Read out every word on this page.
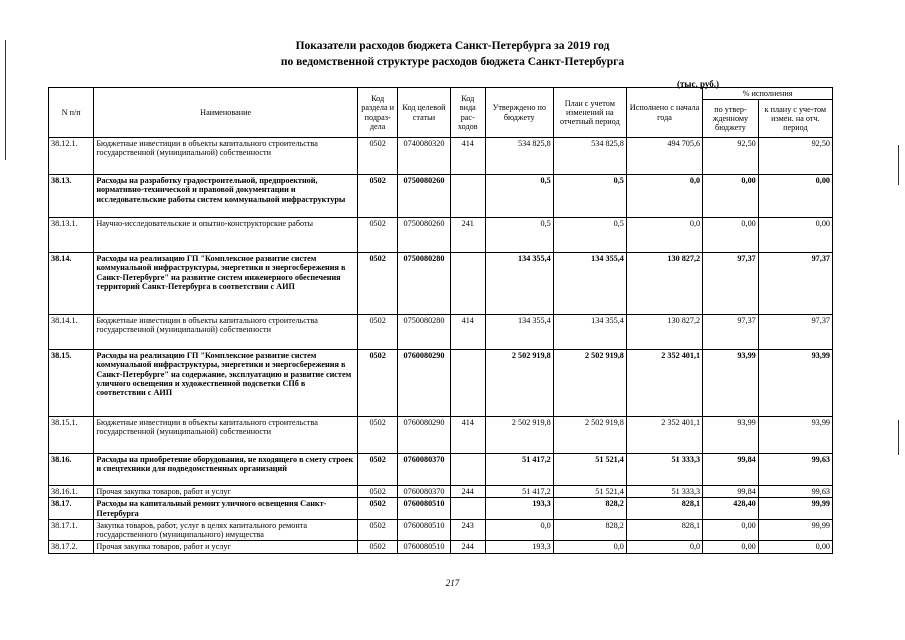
Показатели расходов бюджета Санкт-Петербурга за 2019 год
по ведомственной структуре расходов бюджета Санкт-Петербурга
(тыс. руб.)
N п/п	Наименование	Код раздела и подраз-дела	Код целевой статьи	Код вида рас-ходов	Утверждено по бюджету	План с учетом изменений на отчетный период	Исполнено с начала года	% исполнения	
								по утвер-жденному бюджету	к плану с уче-том измен. на отч. период
38.12.1.	Бюджетные инвестиции в объекты капитального строительства государственной (муниципальной) собственности	0502	0740080320	414	534 825,8	534 825,8	494 705,6	92,50	92,50
38.13.	Расходы на разработку градостроительной, предпроектной, нормативно-технической и правовой документации и исследовательские работы систем коммунальной инфраструктуры	0502	0750080260		0,5	0,5	0,0	0,00	0,00
38.13.1.	Научно-исследовательские и опытно-конструкторские работы	0502	0750080260	241	0,5	0,5	0,0	0,00	0,00
38.14.	Расходы на реализацию ГП "Комплексное развитие систем коммунальной инфраструктуры, энергетики и энергосбережения в Санкт-Петербурге" на развитие систем инженерного обеспечения территорий Санкт-Петербурга в соответствии с АИП	0502	0750080280		134 355,4	134 355,4	130 827,2	97,37	97,37
38.14.1.	Бюджетные инвестиции в объекты капитального строительства государственной (муниципальной) собственности	0502	0750080280	414	134 355,4	134 355,4	130 827,2	97,37	97,37
38.15.	Расходы на реализацию ГП "Комплексное развитие систем коммунальной инфраструктуры, энергетики и энергосбережения в Санкт-Петербурге" на содержание, эксплуатацию и развитие систем уличного освещения и художественной подсветки СПб в соответствии с АИП	0502	0760080290		2 502 919,8	2 502 919,8	2 352 401,1	93,99	93,99
38.15.1.	Бюджетные инвестиции в объекты капитального строительства государственной (муниципальной) собственности	0502	0760080290	414	2 502 919,8	2 502 919,8	2 352 401,1	93,99	93,99
38.16.	Расходы на приобретение оборудования, не входящего в смету строек и спецтехники для подведомственных организаций	0502	0760080370		51 417,2	51 521,4	51 333,3	99,84	99,63
38.16.1.	Прочая закупка товаров, работ и услуг	0502	0760080370	244	51 417,2	51 521,4	51 333,3	99,84	99,63
38.17.	Расходы на капитальный ремонт уличного освещения Санкт-Петербурга	0502	0760080510		193,3	828,2	828,1	428,40	99,99
38.17.1.	Закупка товаров, работ, услуг в целях капитального ремонта государственного (муниципального) имущества	0502	0760080510	243	0,0	828,2	828,1	0,00	99,99
38.17.2.	Прочая закупка товаров, работ и услуг	0502	0760080510	244	193,3	0,0	0,0	0,00	0,00
217
